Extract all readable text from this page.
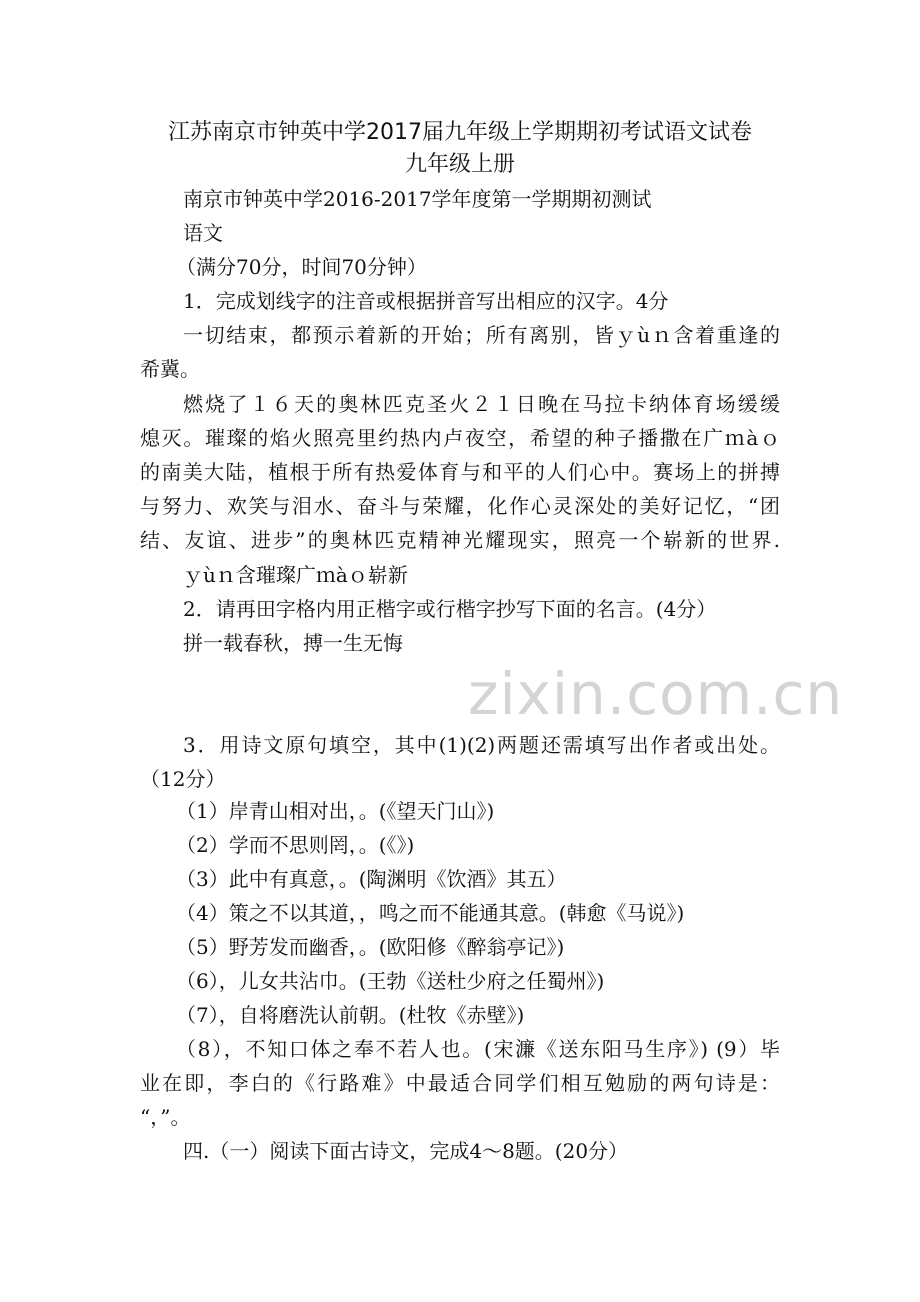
zixin.com.cn
江苏南京市钟英中学2017届九年级上学期期初考试语文试卷
九年级上册
南京市钟英中学2016-2017学年度第一学期期初测试
语文
（满分70分，时间70分钟）
1．完成划线字的注音或根据拼音写出相应的汉字。4分
一切结束，都预示着新的开始；所有离别，皆ｙùｎ含着重逢的
希冀。
燃烧了１６天的奥林匹克圣火２１日晚在马拉卡纳体育场缓缓
熄灭。璀璨的焰火照亮里约热内卢夜空，希望的种子播撒在广ｍàｏ
的南美大陆，植根于所有热爱体育与和平的人们心中。赛场上的拼搏
与努力、欢笑与泪水、奋斗与荣耀，化作心灵深处的美好记忆，“团
结、友谊、进步”的奥林匹克精神光耀现实，照亮一个崭新的世界.
ｙùｎ含璀璨广ｍàｏ崭新
2．请再田字格内用正楷字或行楷字抄写下面的名言。(4分）
拼一载春秋，搏一生无悔
3．用诗文原句填空，其中(1)(2)两题还需填写出作者或出处。
（12分）
（1）岸青山相对出，。(《望天门山》)
（2）学而不思则罔，。(《》)
（3）此中有真意，。(陶渊明《饮酒》其五）
（4）策之不以其道，，鸣之而不能通其意。(韩愈《马说》)
（5）野芳发而幽香，。(欧阳修《醉翁亭记》)
（6），儿女共沾巾。(王勃《送杜少府之任蜀州》)
（7），自将磨洗认前朝。(杜牧《赤壁》)
（8），不知口体之奉不若人也。(宋濂《送东阳马生序》) (9）毕
业在即，李白的《行路难》中最适合同学们相互勉励的两句诗是：
“，”。
四.（一）阅读下面古诗文，完成4～8题。(20分）
